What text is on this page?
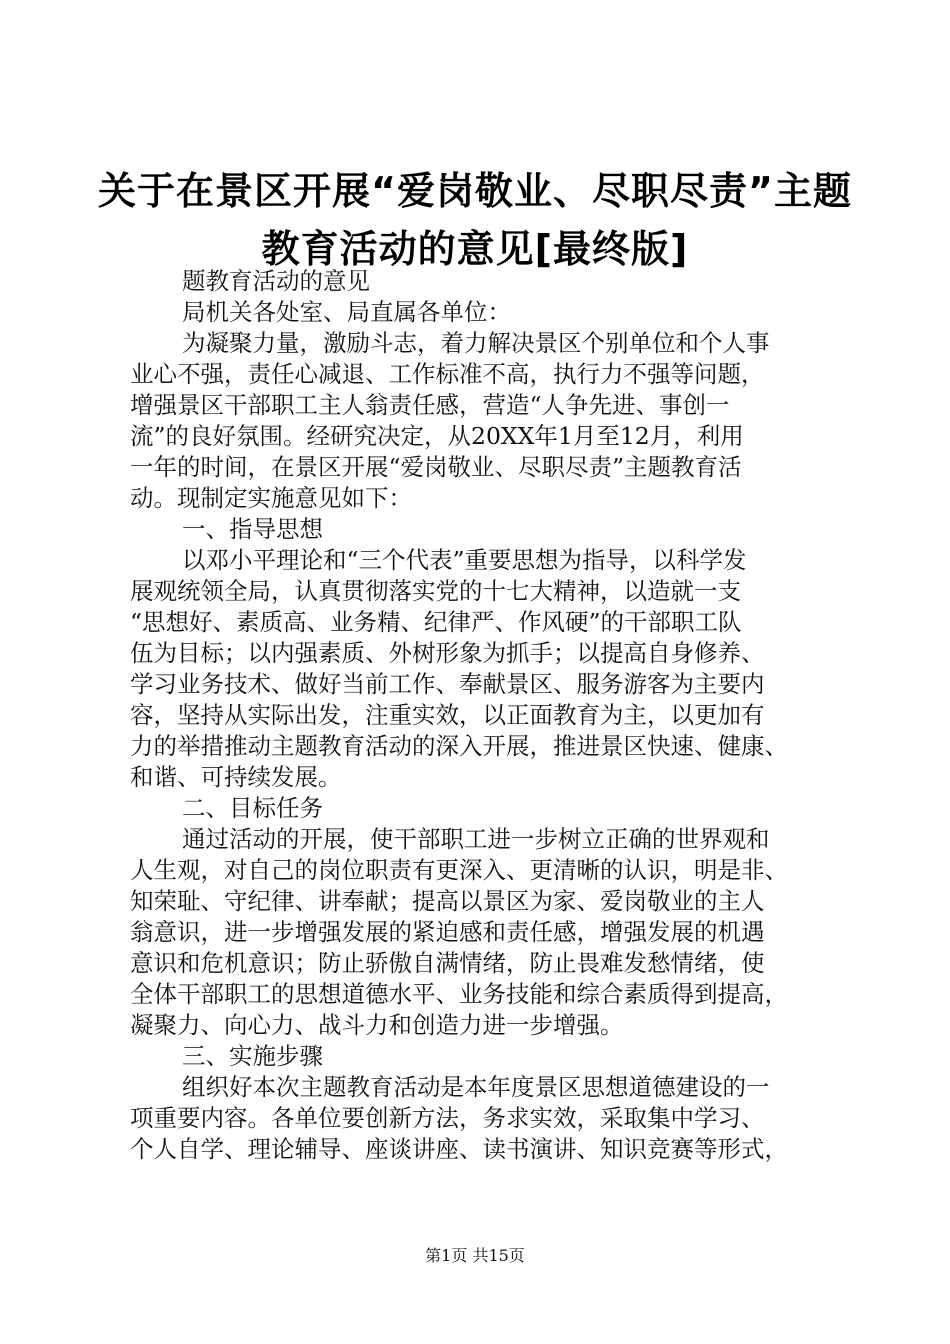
关于在景区开展“爱岗敬业、尽职尽责”主题
教育活动的意见[最终版]

题教育活动的意见

局机关各处室、局直属各单位：

为凝聚力量，激励斗志，着力解决景区个别单位和个人事

业心不强，责任心减退、工作标准不高，执行力不强等问题，

增强景区干部职工主人翁责任感，营造“人争先进、事创一

流”的良好氛围。经研究决定，从20XX年1月至12月，利用

一年的时间，在景区开展“爱岗敬业、尽职尽责”主题教育活

动。现制定实施意见如下：

一、指导思想

以邓小平理论和“三个代表”重要思想为指导，以科学发

展观统领全局，认真贯彻落实党的十七大精神，以造就一支

“思想好、素质高、业务精、纪律严、作风硬”的干部职工队

伍为目标；以内强素质、外树形象为抓手；以提高自身修养、

学习业务技术、做好当前工作、奉献景区、服务游客为主要内

容，坚持从实际出发，注重实效，以正面教育为主，以更加有

力的举措推动主题教育活动的深入开展，推进景区快速、健康、

和谐、可持续发展。

二、目标任务

通过活动的开展，使干部职工进一步树立正确的世界观和

人生观，对自己的岗位职责有更深入、更清晰的认识，明是非、

知荣耻、守纪律、讲奉献；提高以景区为家、爱岗敬业的主人

翁意识，进一步增强发展的紧迫感和责任感，增强发展的机遇

意识和危机意识；防止骄傲自满情绪，防止畏难发愁情绪，使

全体干部职工的思想道德水平、业务技能和综合素质得到提高，

凝聚力、向心力、战斗力和创造力进一步增强。

三、实施步骤

组织好本次主题教育活动是本年度景区思想道德建设的一

项重要内容。各单位要创新方法，务求实效，采取集中学习、

个人自学、理论辅导、座谈讲座、读书演讲、知识竞赛等形式，

第1页 共15页
